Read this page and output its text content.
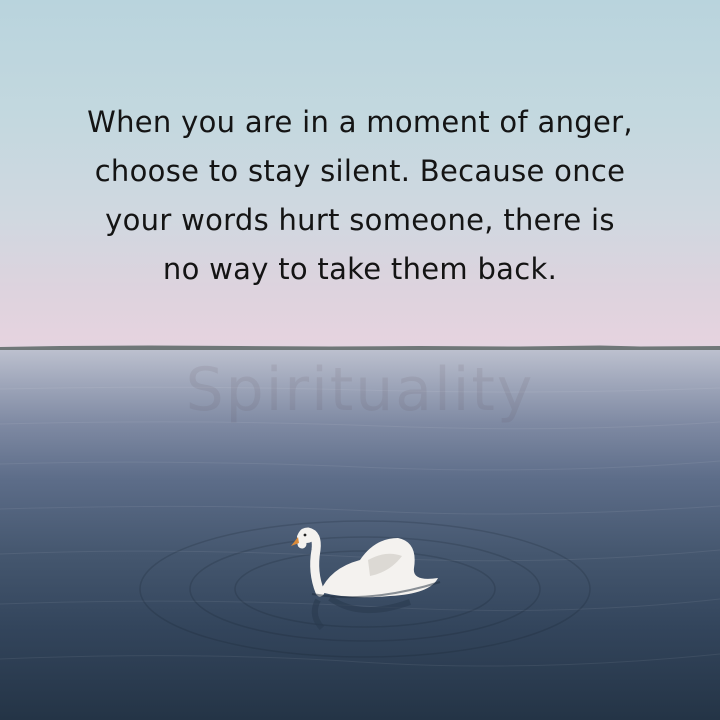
Spirituality
When you are in a moment of anger,
choose to stay silent. Because once
your words hurt someone, there is
no way to take them back.
